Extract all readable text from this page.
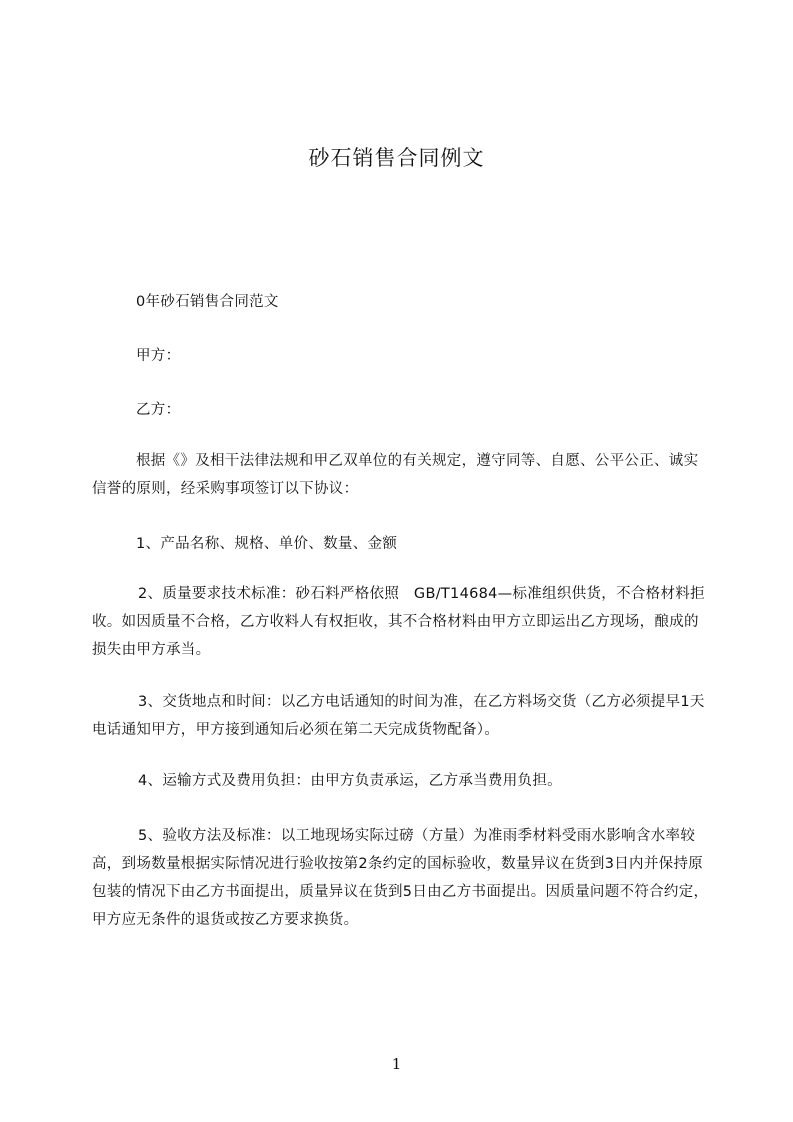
砂石销售合同例文
0年砂石销售合同范文
甲方：
乙方：
根据《》及相干法律法规和甲乙双单位的有关规定，遵守同等、自愿、公平公正、诚实信誉的原则，经采购事项签订以下协议：
1、产品名称、规格、单价、数量、金额
2、质量要求技术标准：砂石料严格依照　GB/T14684—标准组织供货，不合格材料拒收。如因质量不合格，乙方收料人有权拒收，其不合格材料由甲方立即运出乙方现场，酿成的损失由甲方承当。
3、交货地点和时间：以乙方电话通知的时间为准，在乙方料场交货（乙方必须提早1天电话通知甲方，甲方接到通知后必须在第二天完成货物配备）。
4、运输方式及费用负担：由甲方负责承运，乙方承当费用负担。
5、验收方法及标准：以工地现场实际过磅（方量）为准雨季材料受雨水影响含水率较高，到场数量根据实际情况进行验收按第2条约定的国标验收，数量异议在货到3日内并保持原包装的情况下由乙方书面提出，质量异议在货到5日由乙方书面提出。因质量问题不符合约定，甲方应无条件的退货或按乙方要求换货。
1
